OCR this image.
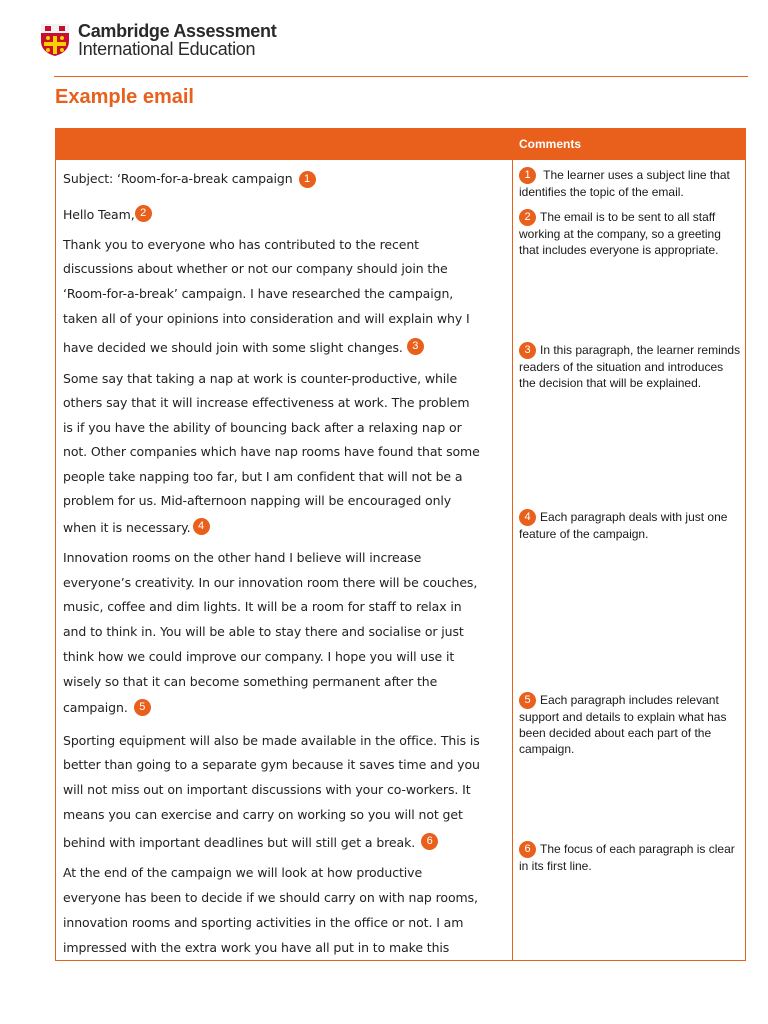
Cambridge Assessment
International Education
Example email
Comments
Subject: ‘Room-for-a-break campaign 1
Hello Team, 2
Thank you to everyone who has contributed to the recent
discussions about whether or not our company should join the
‘Room-for-a-break’ campaign. I have researched the campaign,
taken all of your opinions into consideration and will explain why I
have decided we should join with some slight changes. 3
Some say that taking a nap at work is counter-productive, while
others say that it will increase effectiveness at work. The problem
is if you have the ability of bouncing back after a relaxing nap or
not. Other companies which have nap rooms have found that some
people take napping too far, but I am confident that will not be a
problem for us. Mid-afternoon napping will be encouraged only
when it is necessary. 4
Innovation rooms on the other hand I believe will increase
everyone’s creativity. In our innovation room there will be couches,
music, coffee and dim lights. It will be a room for staff to relax in
and to think in. You will be able to stay there and socialise or just
think how we could improve our company. I hope you will use it
wisely so that it can become something permanent after the
campaign. 5
Sporting equipment will also be made available in the office. This is
better than going to a separate gym because it saves time and you
will not miss out on important discussions with your co-workers. It
means you can exercise and carry on working so you will not get
behind with important deadlines but will still get a break. 6
At the end of the campaign we will look at how productive
everyone has been to decide if we should carry on with nap rooms,
innovation rooms and sporting activities in the office or not. I am
impressed with the extra work you have all put in to make this
1 The learner uses a subject line that identifies the topic of the email.
2 The email is to be sent to all staff working at the company, so a greeting that includes everyone is appropriate.
3 In this paragraph, the learner reminds readers of the situation and introduces the decision that will be explained.
4 Each paragraph deals with just one feature of the campaign.
5 Each paragraph includes relevant support and details to explain what has been decided about each part of the campaign.
6 The focus of each paragraph is clear in its first line.
